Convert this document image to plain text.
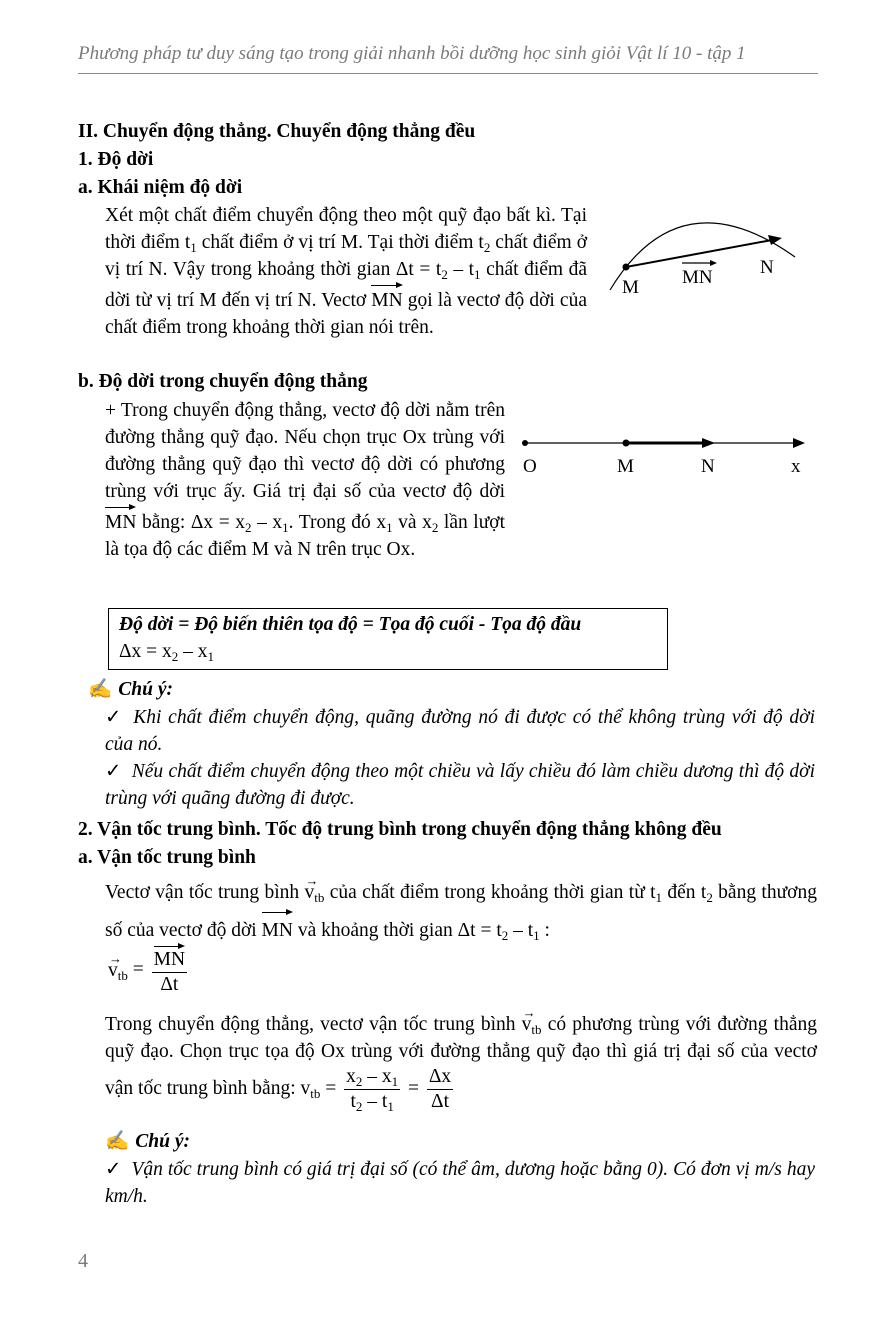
Phương pháp tư duy sáng tạo trong giải nhanh bồi dưỡng học sinh giỏi Vật lí 10 - tập 1
II. Chuyển động thẳng. Chuyển động thẳng đều
1. Độ dời
a. Khái niệm độ dời
Xét một chất điểm chuyển động theo một quỹ đạo bất kì. Tại thời điểm $t_1$ chất điểm ở vị trí M. Tại thời điểm $t_2$ chất điểm ở vị trí N. Vậy trong khoảng thời gian $\Delta t = t_2 - t_1$ chất điểm đã dời từ vị trí M đến vị trí N. Vectơ MN gọi là vectơ độ dời của chất điểm trong khoảng thời gian nói trên.
M
N
MN
b. Độ dời trong chuyển động thẳng
+ Trong chuyển động thẳng, vectơ độ dời nằm trên đường thẳng quỹ đạo. Nếu chọn trục Ox trùng với đường thẳng quỹ đạo thì vectơ độ dời có phương trùng với trục ấy. Giá trị đại số của vectơ độ dời MN bằng: $\Delta x = x_2 - x_1$. Trong đó $x_1$ và $x_2$ lần lượt là tọa độ các điểm M và N trên trục Ox.
O	M	N	x
Độ dời = Độ biến thiên tọa độ = Tọa độ cuối - Tọa độ đầu
$\Delta x = x_2 - x_1$
✍ Chú ý:
✓ Khi chất điểm chuyển động, quãng đường nó đi được có thể không trùng với độ dời của nó.
✓ Nếu chất điểm chuyển động theo một chiều và lấy chiều đó làm chiều dương thì độ dời trùng với quãng đường đi được.
2. Vận tốc trung bình. Tốc độ trung bình trong chuyển động thẳng không đều
a. Vận tốc trung bình
Vectơ vận tốc trung bình
→
$v_{tb}$ của chất điểm trong khoảng thời gian từ $t_1$ đến $t_2$ bằng thương số của vectơ độ dời MN và khoảng thời gian $\Delta t = t_2 - t_1$ :
→
$v_{tb} = \frac{MN}{\Delta t}$
Trong chuyển động thẳng, vectơ vận tốc trung bình
→
$v_{tb}$ có phương trùng với đường thẳng quỹ đạo. Chọn trục tọa độ Ox trùng với đường thẳng quỹ đạo thì giá trị đại số của vectơ vận tốc trung bình bằng: $v_{tb} = \frac{x_2 - x_1}{t_2 - t_1} = \frac{\Delta x}{\Delta t}$
✍ Chú ý:
✓ Vận tốc trung bình có giá trị đại số (có thể âm, dương hoặc bằng 0). Có đơn vị m/s hay km/h.
4
